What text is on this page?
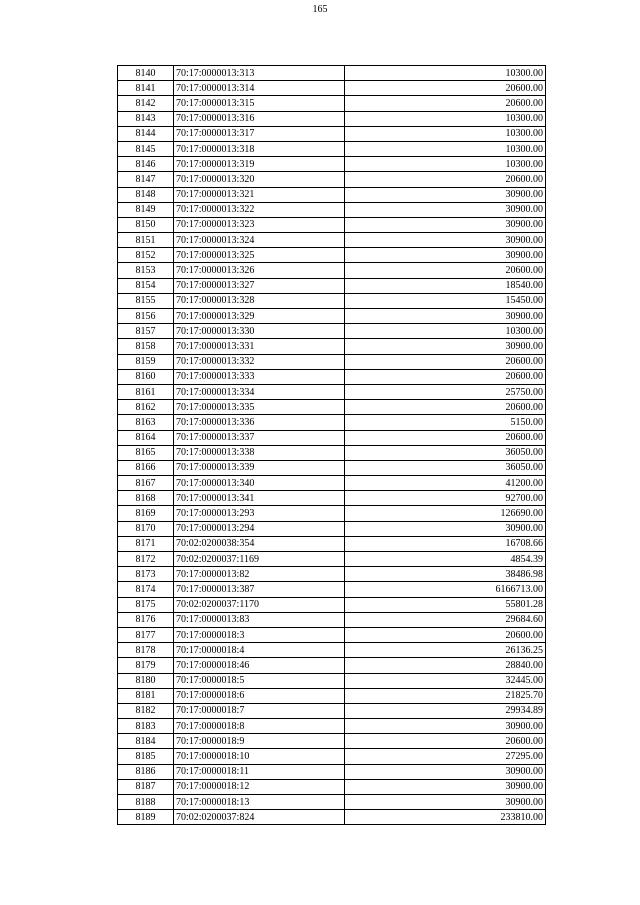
165
8140	70:17:0000013:313	10300.00
8141	70:17:0000013:314	20600.00
8142	70:17:0000013:315	20600.00
8143	70:17:0000013:316	10300.00
8144	70:17:0000013:317	10300.00
8145	70:17:0000013:318	10300.00
8146	70:17:0000013:319	10300.00
8147	70:17:0000013:320	20600.00
8148	70:17:0000013:321	30900.00
8149	70:17:0000013:322	30900.00
8150	70:17:0000013:323	30900.00
8151	70:17:0000013:324	30900.00
8152	70:17:0000013:325	30900.00
8153	70:17:0000013:326	20600.00
8154	70:17:0000013:327	18540.00
8155	70:17:0000013:328	15450.00
8156	70:17:0000013:329	30900.00
8157	70:17:0000013:330	10300.00
8158	70:17:0000013:331	30900.00
8159	70:17:0000013:332	20600.00
8160	70:17:0000013:333	20600.00
8161	70:17:0000013:334	25750.00
8162	70:17:0000013:335	20600.00
8163	70:17:0000013:336	5150.00
8164	70:17:0000013:337	20600.00
8165	70:17:0000013:338	36050.00
8166	70:17:0000013:339	36050.00
8167	70:17:0000013:340	41200.00
8168	70:17:0000013:341	92700.00
8169	70:17:0000013:293	126690.00
8170	70:17:0000013:294	30900.00
8171	70:02:0200038:354	16708.66
8172	70:02:0200037:1169	4854.39
8173	70:17:0000013:82	38486.98
8174	70:17:0000013:387	6166713.00
8175	70:02:0200037:1170	55801.28
8176	70:17:0000013:83	29684.60
8177	70:17:0000018:3	20600.00
8178	70:17:0000018:4	26136.25
8179	70:17:0000018:46	28840.00
8180	70:17:0000018:5	32445.00
8181	70:17:0000018:6	21825.70
8182	70:17:0000018:7	29934.89
8183	70:17:0000018:8	30900.00
8184	70:17:0000018:9	20600.00
8185	70:17:0000018:10	27295.00
8186	70:17:0000018:11	30900.00
8187	70:17:0000018:12	30900.00
8188	70:17:0000018:13	30900.00
8189	70:02:0200037:824	233810.00
